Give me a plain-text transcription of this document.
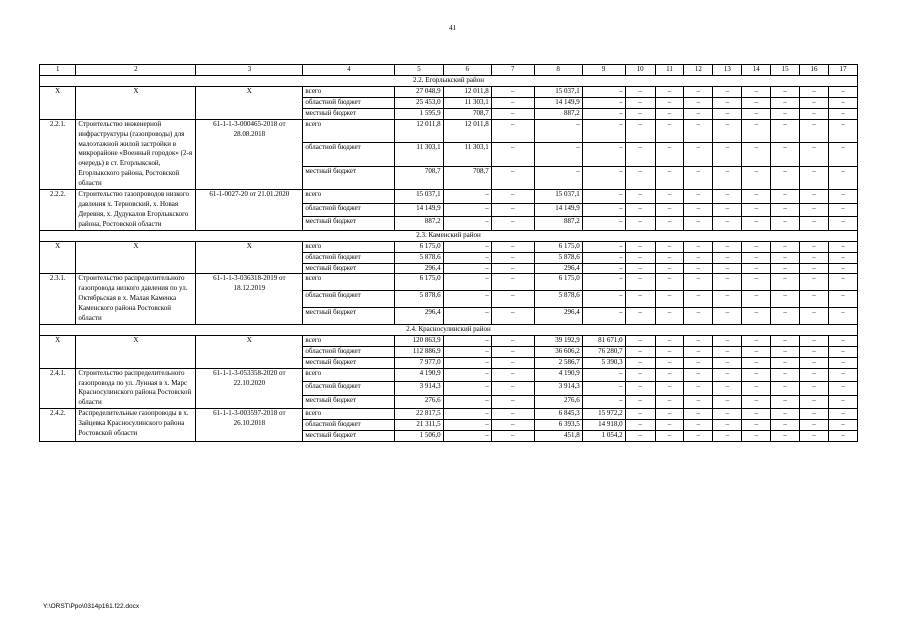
41
1	2	3	4	5	6	7	8	9	10	11	12	13	14	15	16	17
2.2. Егорлыкский район																
X	X	X	всего	27 048,9	12 011,8	–	15 037,1	–	–	–	–	–	–	–	–	–
			областной бюджет	25 453,0	11 303,1	–	14 149,9	–	–	–	–	–	–	–	–	–
			местный бюджет	1 595,9	708,7	–	887,2	–	–	–	–	–	–	–	–	–
2.2.1.	Строительство инженерной инфраструктуры (газопроводы) для малоэтажной жилой застройки в микрорайоне «Военный городок» (2-я очередь) в ст. Егорлыкской, Егорлыкского района, Ростовской области	61-1-1-3-000465-2018 от 28.08.2018	всего	12 011,8	12 011,8	–	–	–	–	–	–	–	–	–	–	–
			областной бюджет	11 303,1	11 303,1	–	–	–	–	–	–	–	–	–	–	–
			местный бюджет	708,7	708,7	–	–	–	–	–	–	–	–	–	–	–
2.2.2.	Строительство газопроводов низкого давления х. Терновский, х. Новая Деревня, х. Дудукалов Егорлыкского района, Ростовской области	61-1-0027-20 от 21.01.2020	всего	15 037,1	–	–	15 037,1	–	–	–	–	–	–	–	–	–
			областной бюджет	14 149,9	–	–	14 149,9	–	–	–	–	–	–	–	–	–
			местный бюджет	887,2	–	–	887,2	–	–	–	–	–	–	–	–	–
2.3. Каменский район																
X	X	X	всего	6 175,0	–	–	6 175,0	–	–	–	–	–	–	–	–	–
			областной бюджет	5 878,6	–	–	5 878,6	–	–	–	–	–	–	–	–	–
			местный бюджет	296,4	–	–	296,4	–	–	–	–	–	–	–	–	–
2.3.1.	Строительство распределительного газопровода низкого давления по ул. Октябрьская в х. Малая Каменка Каменского района Ростовской области	61-1-1-3-036318-2019 от 18.12.2019	всего	6 175,0	–	–	6 175,0	–	–	–	–	–	–	–	–	–
			областной бюджет	5 878,6	–	–	5 878,6	–	–	–	–	–	–	–	–	–
			местный бюджет	296,4	–	–	296,4	–	–	–	–	–	–	–	–	–
2.4. Красносулинский район																
X	X	X	всего	120 863,9	–	–	39 192,9	81 671,0	–	–	–	–	–	–	–	–
			областной бюджет	112 886,9	–	–	36 606,2	76 280,7	–	–	–	–	–	–	–	–
			местный бюджет	7 977,0	–	–	2 586,7	5 390,3	–	–	–	–	–	–	–	–
2.4.1.	Строительство распределительного газопровода по ул. Лунная в х. Марс Красносулинского района Ростовской области	61-1-1-3-053358-2020 от 22.10.2020	всего	4 190,9	–	–	4 190,9	–	–	–	–	–	–	–	–	–
			областной бюджет	3 914,3	–	–	3 914,3	–	–	–	–	–	–	–	–	–
			местный бюджет	276,6	–	–	276,6	–	–	–	–	–	–	–	–	–
2.4.2.	Распределительные газопроводы в х. Зайцевка Красносулинского района Ростовской области	61-1-1-3-003597-2018 от 26.10.2018	всего	22 817,5	–	–	6 845,3	15 972,2	–	–	–	–	–	–	–	–
			областной бюджет	21 311,5	–	–	6 393,5	14 918,0	–	–	–	–	–	–	–	–
			местный бюджет	1 506,0	–	–	451,8	1 054,2	–	–	–	–	–	–	–	–
Y:\ORST\Ppo\0314p161.f22.docx
